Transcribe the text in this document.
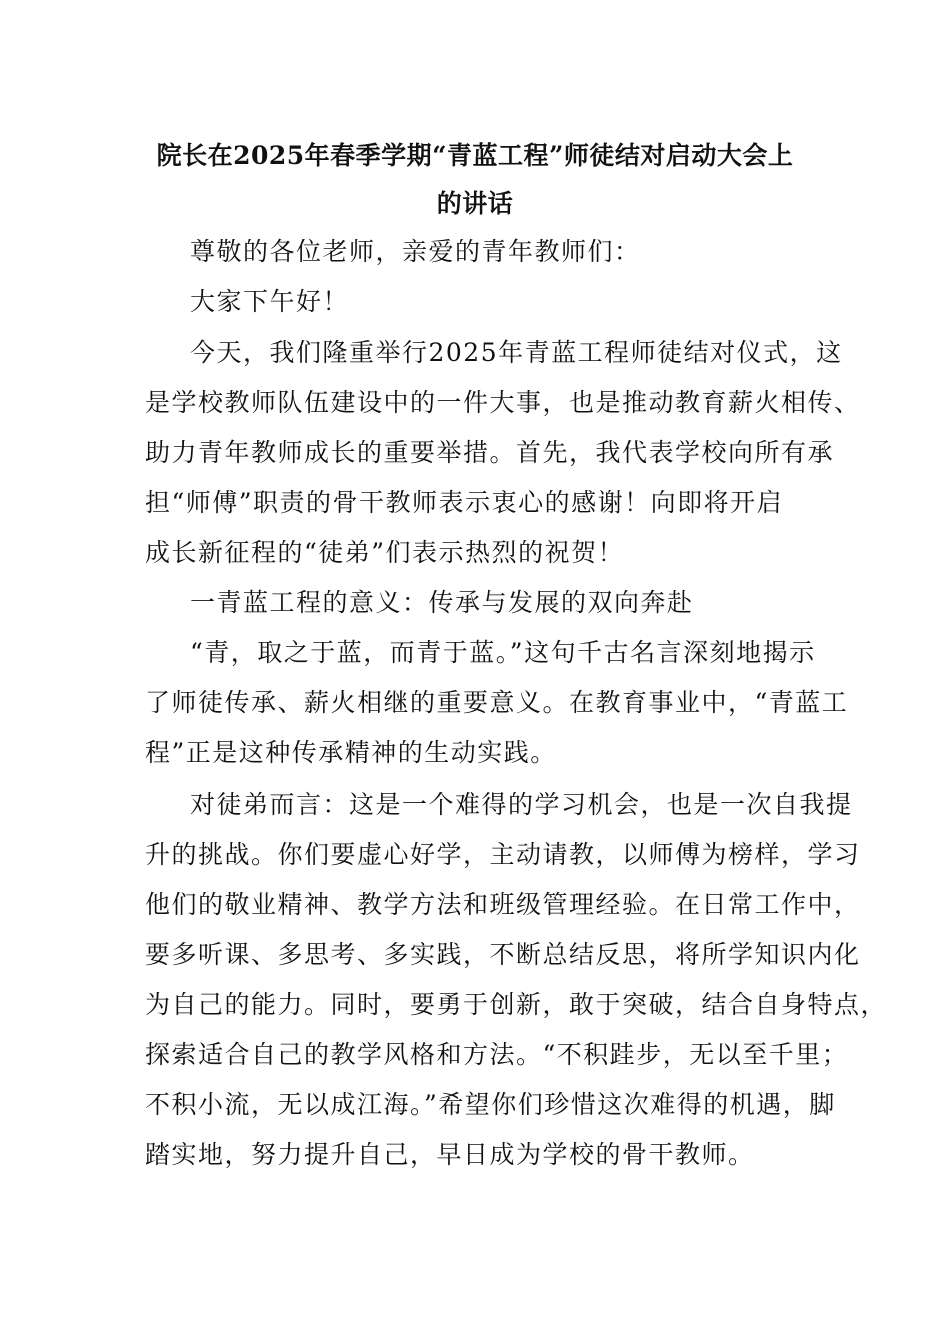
院长在2025年春季学期“青蓝工程”师徒结对启动大会上
的讲话
尊敬的各位老师，亲爱的青年教师们：
大家下午好！
今天，我们隆重举行2025年青蓝工程师徒结对仪式，这
是学校教师队伍建设中的一件大事，也是推动教育薪火相传、
助力青年教师成长的重要举措。首先，我代表学校向所有承
担“师傅”职责的骨干教师表示衷心的感谢！向即将开启
成长新征程的“徒弟”们表示热烈的祝贺！
一青蓝工程的意义：传承与发展的双向奔赴
“青，取之于蓝，而青于蓝。”这句千古名言深刻地揭示
了师徒传承、薪火相继的重要意义。在教育事业中，“青蓝工
程”正是这种传承精神的生动实践。
对徒弟而言：这是一个难得的学习机会，也是一次自我提
升的挑战。你们要虚心好学，主动请教，以师傅为榜样，学习
他们的敬业精神、教学方法和班级管理经验。在日常工作中，
要多听课、多思考、多实践，不断总结反思，将所学知识内化
为自己的能力。同时，要勇于创新，敢于突破，结合自身特点，
探索适合自己的教学风格和方法。“不积跬步，无以至千里；
不积小流，无以成江海。”希望你们珍惜这次难得的机遇，脚
踏实地，努力提升自己，早日成为学校的骨干教师。
